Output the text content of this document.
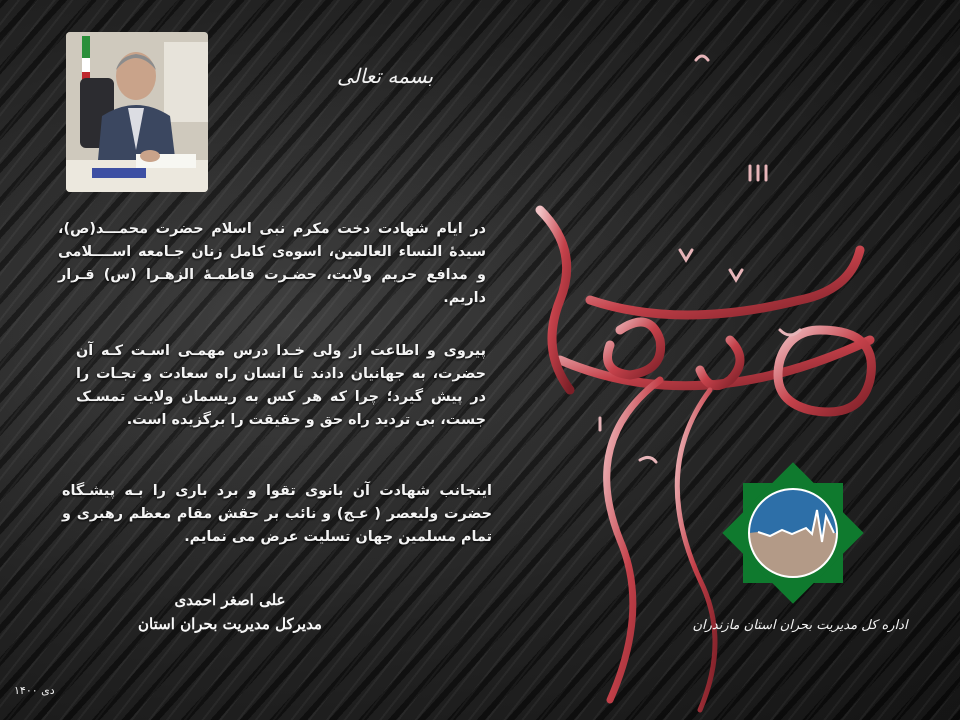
بسمه تعالی
در ایام شهادت دخت مکرم نبی اسلام حضرت محمـــد(ص)، سیدهٔ النساء العالمین، اسوه‌ی کامل زنان جـامعه اســــلامی و مدافع حریم ولایت، حضـرت فاطمـهٔ الزهـرا (س) قـرار داریم.
پیروی و اطاعت از ولی خـدا درس مهمـی اسـت کـه آن حضرت، به جهانیان دادند تا انسان راه سعادت و نجـات را در پیش گیرد؛ چرا که هر کس به ریسمان ولایت تمسـک جست، بی تردید راه حق و حقیقت را برگزیده است.
اینجانب شهادت آن بانوی تقوا و برد باری را بـه پیشـگاه حضرت ولیعصر ( عـج) و نائب بر حقش مقام معظم رهبری و تمام مسلمین جهان تسلیت عرض می نمایم.
علی اصغر احمدی
مدیرکل مدیریت بحران استان
دی ۱۴۰۰
اداره کل مدیریت بحران استان مازندران
